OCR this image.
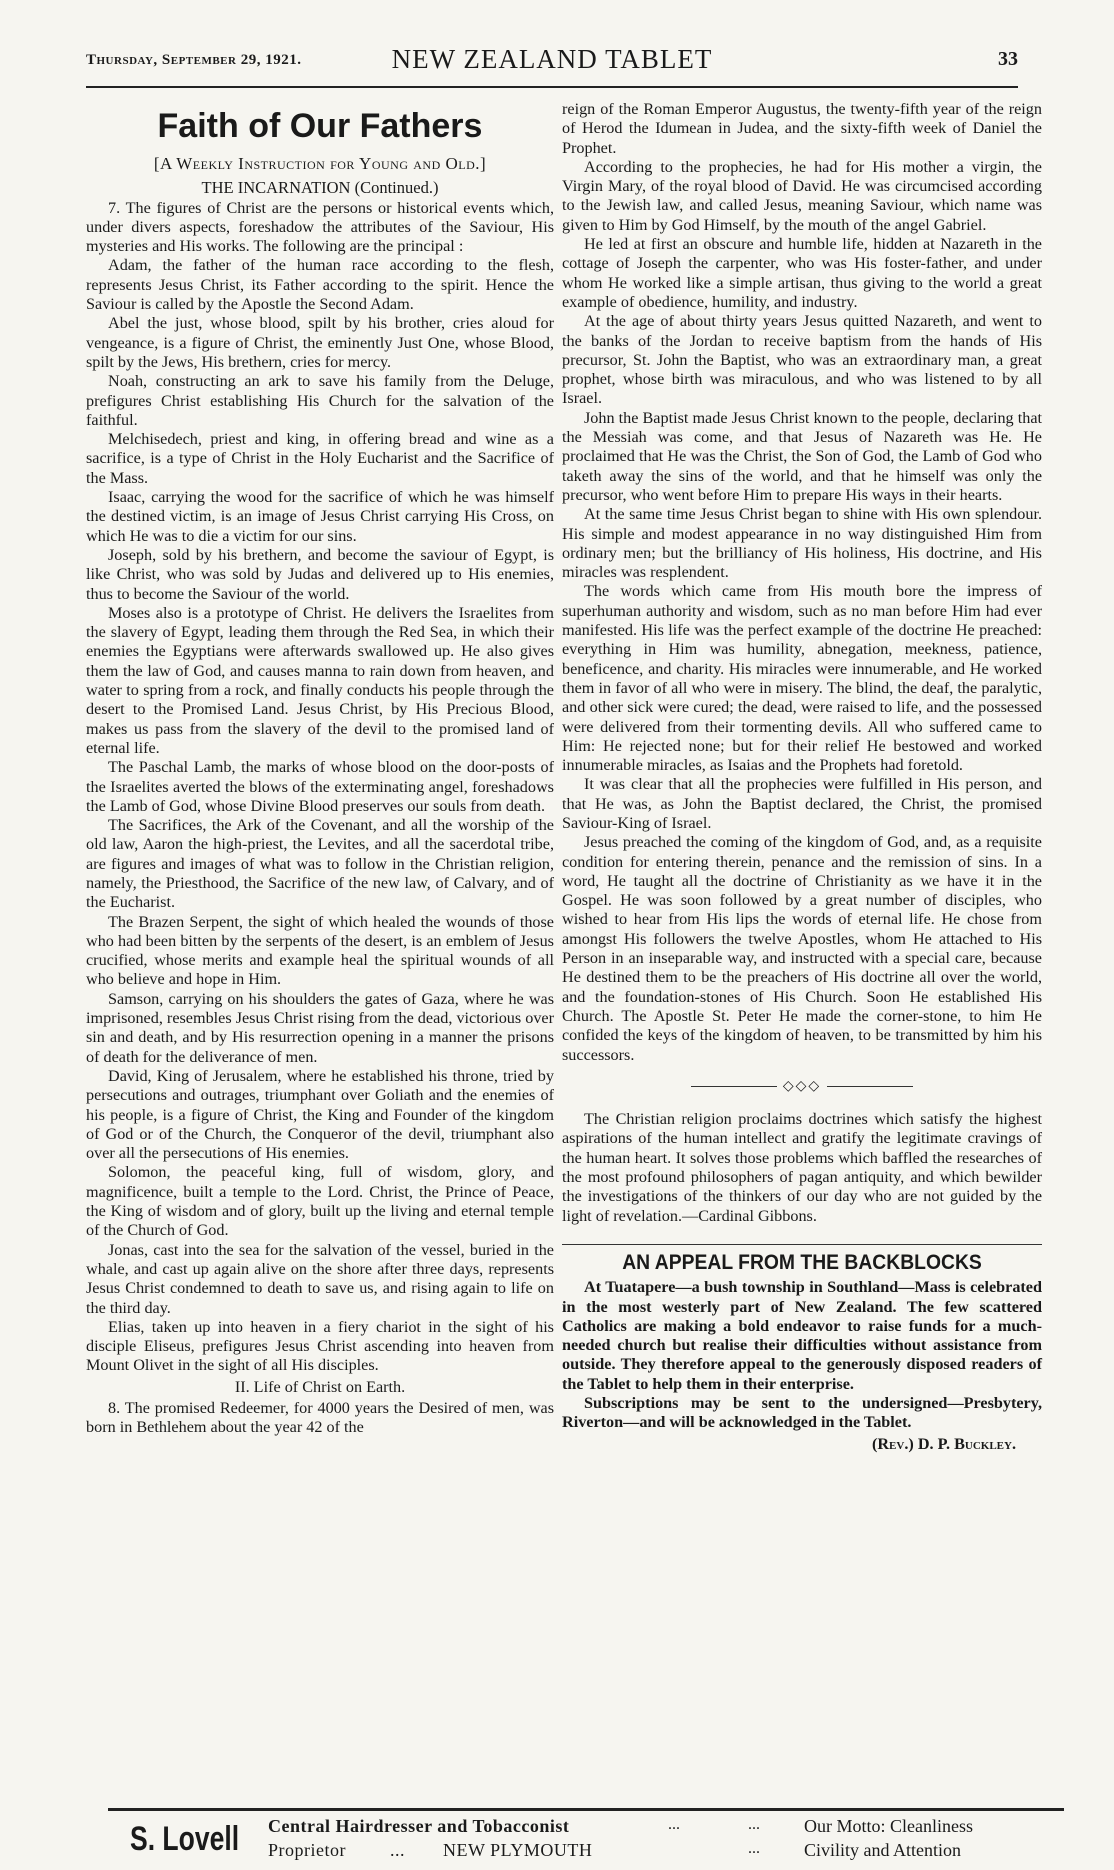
Thursday, September 29, 1921.	NEW ZEALAND TABLET	33
Faith of Our Fathers
[A Weekly Instruction for Young and Old.]
THE INCARNATION (Continued.)

7. The figures of Christ are the persons or historical events which, under divers aspects, foreshadow the attributes of the Saviour, His mysteries and His works. The following are the principal :

Adam, the father of the human race according to the flesh, represents Jesus Christ, its Father according to the spirit. Hence the Saviour is called by the Apostle the Second Adam.

Abel the just, whose blood, spilt by his brother, cries aloud for vengeance, is a figure of Christ, the eminently Just One, whose Blood, spilt by the Jews, His brethern, cries for mercy.

Noah, constructing an ark to save his family from the Deluge, prefigures Christ establishing His Church for the salvation of the faithful.

Melchisedech, priest and king, in offering bread and wine as a sacrifice, is a type of Christ in the Holy Eucharist and the Sacrifice of the Mass.

Isaac, carrying the wood for the sacrifice of which he was himself the destined victim, is an image of Jesus Christ carrying His Cross, on which He was to die a victim for our sins.

Joseph, sold by his brethern, and become the saviour of Egypt, is like Christ, who was sold by Judas and delivered up to His enemies, thus to become the Saviour of the world.

Moses also is a prototype of Christ. He delivers the Israelites from the slavery of Egypt, leading them through the Red Sea, in which their enemies the Egyptians were afterwards swallowed up. He also gives them the law of God, and causes manna to rain down from heaven, and water to spring from a rock, and finally conducts his people through the desert to the Promised Land. Jesus Christ, by His Precious Blood, makes us pass from the slavery of the devil to the promised land of eternal life.

The Paschal Lamb, the marks of whose blood on the door-posts of the Israelites averted the blows of the exterminating angel, foreshadows the Lamb of God, whose Divine Blood preserves our souls from death.

The Sacrifices, the Ark of the Covenant, and all the worship of the old law, Aaron the high-priest, the Levites, and all the sacerdotal tribe, are figures and images of what was to follow in the Christian religion, namely, the Priesthood, the Sacrifice of the new law, of Calvary, and of the Eucharist.

The Brazen Serpent, the sight of which healed the wounds of those who had been bitten by the serpents of the desert, is an emblem of Jesus crucified, whose merits and example heal the spiritual wounds of all who believe and hope in Him.

Samson, carrying on his shoulders the gates of Gaza, where he was imprisoned, resembles Jesus Christ rising from the dead, victorious over sin and death, and by His resurrection opening in a manner the prisons of death for the deliverance of men.

David, King of Jerusalem, where he established his throne, tried by persecutions and outrages, triumphant over Goliath and the enemies of his people, is a figure of Christ, the King and Founder of the kingdom of God or of the Church, the Conqueror of the devil, triumphant also over all the persecutions of His enemies.

Solomon, the peaceful king, full of wisdom, glory, and magnificence, built a temple to the Lord. Christ, the Prince of Peace, the King of wisdom and of glory, built up the living and eternal temple of the Church of God.

Jonas, cast into the sea for the salvation of the vessel, buried in the whale, and cast up again alive on the shore after three days, represents Jesus Christ condemned to death to save us, and rising again to life on the third day.

Elias, taken up into heaven in a fiery chariot in the sight of his disciple Eliseus, prefigures Jesus Christ ascending into heaven from Mount Olivet in the sight of all His disciples.

II. Life of Christ on Earth.

8. The promised Redeemer, for 4000 years the Desired of men, was born in Bethlehem about the year 42 of the

reign of the Roman Emperor Augustus, the twenty-fifth year of the reign of Herod the Idumean in Judea, and the sixty-fifth week of Daniel the Prophet.

According to the prophecies, he had for His mother a virgin, the Virgin Mary, of the royal blood of David. He was circumcised according to the Jewish law, and called Jesus, meaning Saviour, which name was given to Him by God Himself, by the mouth of the angel Gabriel.

He led at first an obscure and humble life, hidden at Nazareth in the cottage of Joseph the carpenter, who was His foster-father, and under whom He worked like a simple artisan, thus giving to the world a great example of obedience, humility, and industry.

At the age of about thirty years Jesus quitted Nazareth, and went to the banks of the Jordan to receive baptism from the hands of His precursor, St. John the Baptist, who was an extraordinary man, a great prophet, whose birth was miraculous, and who was listened to by all Israel.

John the Baptist made Jesus Christ known to the people, declaring that the Messiah was come, and that Jesus of Nazareth was He. He proclaimed that He was the Christ, the Son of God, the Lamb of God who taketh away the sins of the world, and that he himself was only the precursor, who went before Him to prepare His ways in their hearts.

At the same time Jesus Christ began to shine with His own splendour. His simple and modest appearance in no way distinguished Him from ordinary men; but the brilliancy of His holiness, His doctrine, and His miracles was resplendent.

The words which came from His mouth bore the impress of superhuman authority and wisdom, such as no man before Him had ever manifested. His life was the perfect example of the doctrine He preached: everything in Him was humility, abnegation, meekness, patience, beneficence, and charity. His miracles were innumerable, and He worked them in favor of all who were in misery. The blind, the deaf, the paralytic, and other sick were cured; the dead, were raised to life, and the possessed were delivered from their tormenting devils. All who suffered came to Him: He rejected none; but for their relief He bestowed and worked innumerable miracles, as Isaias and the Prophets had foretold.

It was clear that all the prophecies were fulfilled in His person, and that He was, as John the Baptist declared, the Christ, the promised Saviour-King of Israel.

Jesus preached the coming of the kingdom of God, and, as a requisite condition for entering therein, penance and the remission of sins. In a word, He taught all the doctrine of Christianity as we have it in the Gospel. He was soon followed by a great number of disciples, who wished to hear from His lips the words of eternal life. He chose from amongst His followers the twelve Apostles, whom He attached to His Person in an inseparable way, and instructed with a special care, because He destined them to be the preachers of His doctrine all over the world, and the foundation-stones of His Church. Soon He established His Church. The Apostle St. Peter He made the corner-stone, to him He confided the keys of the kingdom of heaven, to be transmitted by him his successors.

◇◇◇

The Christian religion proclaims doctrines which satisfy the highest aspirations of the human intellect and gratify the legitimate cravings of the human heart. It solves those problems which baffled the researches of the most profound philosophers of pagan antiquity, and which bewilder the investigations of the thinkers of our day who are not guided by the light of revelation.—Cardinal Gibbons.

AN APPEAL FROM THE BACKBLOCKS

At Tuatapere—a bush township in Southland—Mass is celebrated in the most westerly part of New Zealand. The few scattered Catholics are making a bold endeavor to raise funds for a much-needed church but realise their difficulties without assistance from outside. They therefore appeal to the generously disposed readers of the Tablet to help them in their enterprise.

Subscriptions may be sent to the undersigned—Presbytery, Riverton—and will be acknowledged in the Tablet.

(Rev.) D. P. Buckley.
S. Lovell Central Hairdresser and Tobacconist
Proprietor ... NEW PLYMOUTH
...
...
...	Our Motto: Cleanliness
Civility and Attention
